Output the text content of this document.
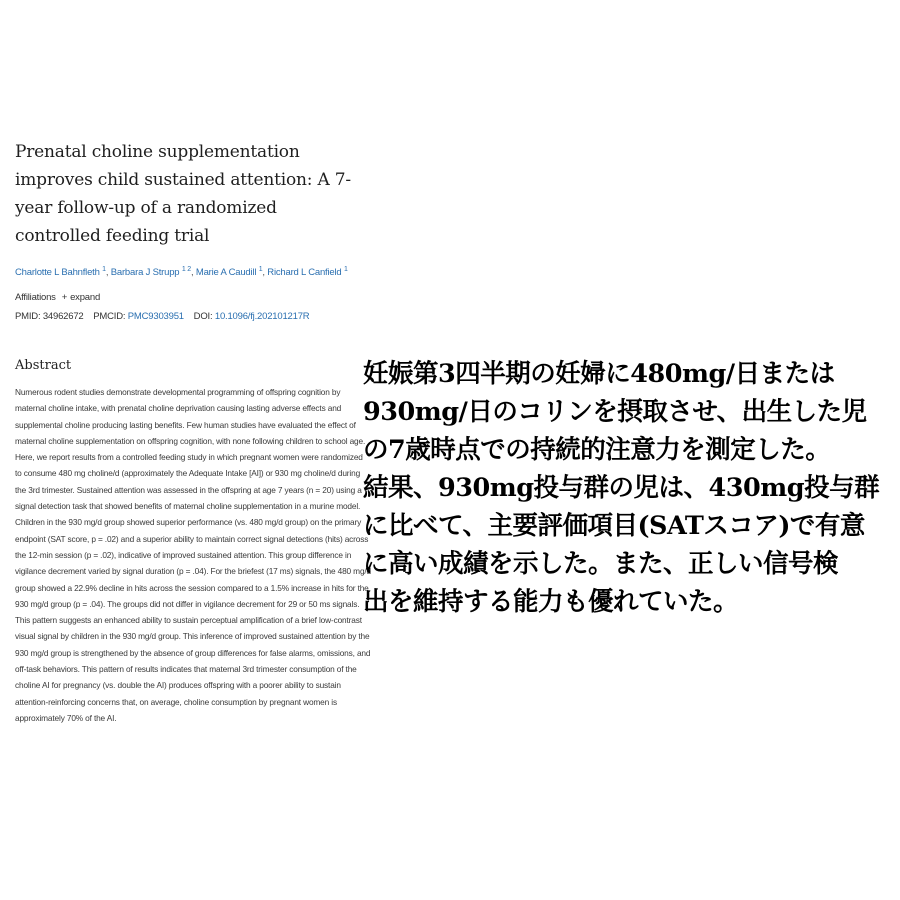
Prenatal choline supplementation improves child sustained attention: A 7-year follow-up of a randomized controlled feeding trial
Charlotte L Bahnfleth $^1$, Barbara J Strupp $^{1 2}$, Marie A Caudill $^1$, Richard L Canfield $^1$
Affiliations + expand
PMID: 34962672 PMCID: PMC9303951 DOI: 10.1096/fj.202101217R
Abstract
Numerous rodent studies demonstrate developmental programming of offspring cognition by
maternal choline intake, with prenatal choline deprivation causing lasting adverse effects and
supplemental choline producing lasting benefits. Few human studies have evaluated the effect of
maternal choline supplementation on offspring cognition, with none following children to school age.
Here, we report results from a controlled feeding study in which pregnant women were randomized
to consume 480 mg choline/d (approximately the Adequate Intake [AI]) or 930 mg choline/d during
the 3rd trimester. Sustained attention was assessed in the offspring at age 7 years (n = 20) using a
signal detection task that showed benefits of maternal choline supplementation in a murine model.
Children in the 930 mg/d group showed superior performance (vs. 480 mg/d group) on the primary
endpoint (SAT score, p = .02) and a superior ability to maintain correct signal detections (hits) across
the 12-min session (p = .02), indicative of improved sustained attention. This group difference in
vigilance decrement varied by signal duration (p = .04). For the briefest (17 ms) signals, the 480 mg/d
group showed a 22.9% decline in hits across the session compared to a 1.5% increase in hits for the
930 mg/d group (p = .04). The groups did not differ in vigilance decrement for 29 or 50 ms signals.
This pattern suggests an enhanced ability to sustain perceptual amplification of a brief low-contrast
visual signal by children in the 930 mg/d group. This inference of improved sustained attention by the
930 mg/d group is strengthened by the absence of group differences for false alarms, omissions, and
off-task behaviors. This pattern of results indicates that maternal 3rd trimester consumption of the
choline AI for pregnancy (vs. double the AI) produces offspring with a poorer ability to sustain
attention-reinforcing concerns that, on average, choline consumption by pregnant women is
approximately 70% of the AI.
妊娠第3四半期の妊婦に480mg/日または
930mg/日のコリンを摂取させ、出生した児
の7歳時点での持続的注意力を測定した。
結果、930mg投与群の児は、430mg投与群
に比べて、主要評価項目(SATスコア)で有意
に高い成績を示した。また、正しい信号検
出を維持する能力も優れていた。
